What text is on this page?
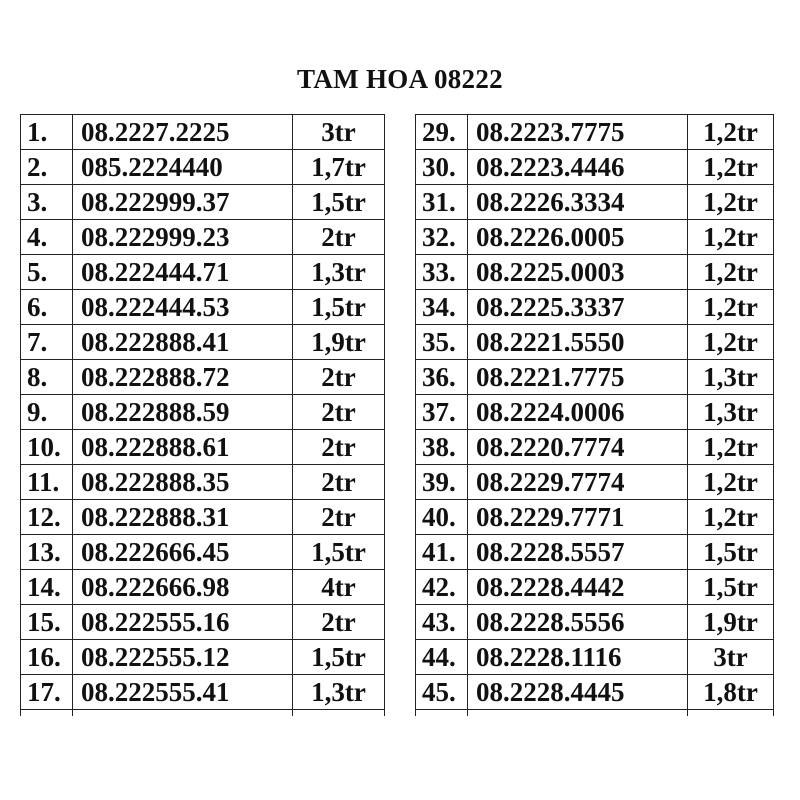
TAM HOA 08222
1.	08.2227.2225	3tr
2.	085.2224440	1,7tr
3.	08.222999.37	1,5tr
4.	08.222999.23	2tr
5.	08.222444.71	1,3tr
6.	08.222444.53	1,5tr
7.	08.222888.41	1,9tr
8.	08.222888.72	2tr
9.	08.222888.59	2tr
10.	08.222888.61	2tr
11.	08.222888.35	2tr
12.	08.222888.31	2tr
13.	08.222666.45	1,5tr
14.	08.222666.98	4tr
15.	08.222555.16	2tr
16.	08.222555.12	1,5tr
17.	08.222555.41	1,3tr

29.	08.2223.7775	1,2tr
30.	08.2223.4446	1,2tr
31.	08.2226.3334	1,2tr
32.	08.2226.0005	1,2tr
33.	08.2225.0003	1,2tr
34.	08.2225.3337	1,2tr
35.	08.2221.5550	1,2tr
36.	08.2221.7775	1,3tr
37.	08.2224.0006	1,3tr
38.	08.2220.7774	1,2tr
39.	08.2229.7774	1,2tr
40.	08.2229.7771	1,2tr
41.	08.2228.5557	1,5tr
42.	08.2228.4442	1,5tr
43.	08.2228.5556	1,9tr
44.	08.2228.1116	3tr
45.	08.2228.4445	1,8tr
